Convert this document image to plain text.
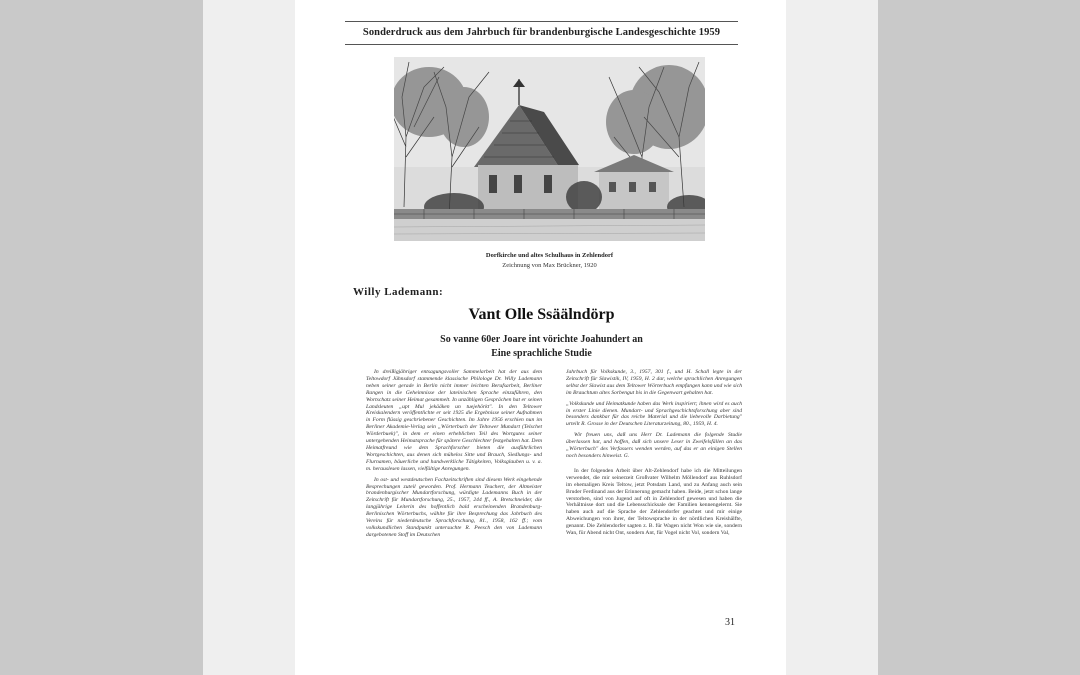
Sonderdruck aus dem Jahrbuch für brandenburgische Landesgeschichte 1959
Dorfkirche und altes Schulhaus in Zehlendorf
Zeichnung von Max Brückner, 1920
Willy Lademann:
Vant Olle Ssäälndörp
So vanne 60er Joare int vörichte Joahundert an
Eine sprachliche Studie

In dreißigjähriger entsagungsvoller Sammelarbeit hat der aus dem Teltowdorf Jühnsdorf stammende klassische Philologe Dr. Willy Lademann neben seiner gerade in Berlin nicht immer leichten Berufsarbeit, Berliner Rangen in die Geheimnisse der lateinischen Sprache einzuführen, den Wortschatz seiner Heimat gesammelt. In unzähligen Gesprächen hat er seinen Landsleuten „upt Mul jekääken un tuejehörkt". In den Teltower Kreiskalendern veröffentlichte er seit 1925 die Ergebnisse seiner Aufnahmen in Form flüssig geschriebener Geschichten. Im Jahre 1956 erschien nun im Berliner Akademie-Verlag sein „Wörterbuch der Teltower Mundart (Telschet Wörderbuek)", in dem er einen erheblichen Teil des Wortgutes seiner untergehenden Heimatsprache für spätere Geschlechter festgehalten hat. Dem Heimatfreund wie dem Sprachforscher bieten die ausführlichen Wortgeschichten, aus denen sich mühelos Sitte und Brauch, Siedlungs- und Flurnamen, bäuerliche und handwerkliche Tätigkeiten, Volksglauben u. v. a. m. herauslesen lassen, vielfältige Anregungen.

In ost- und westdeutschen Fachzeitschriften sind diesem Werk eingehende Besprechungen zuteil geworden. Prof. Hermann Teuchert, der Altmeister brandenburgischer Mundartforschung, würdigte Lademanns Buch in der Zeitschrift für Mundartforschung, 25., 1957, 244 ff., A. Bretschneider, die langjährige Leiterin des hoffentlich bald erscheinenden Brandenburg-Berlinischen Wörterbuchs, wählte für ihre Besprechung das Jahrbuch des Vereins für niederdeutsche Sprachforschung, 81., 1958, 162 ff.; vom volkskundlichen Standpunkt untersuchte R. Peesch den von Lademann dargebotenen Stoff im Deutschen

Jahrbuch für Volkskunde, 3., 1957, 301 f., und H. Schall legte in der Zeitschrift für Slawistik, IV, 1959, H. 2 dar, welche sprachlichen Anregungen selbst der Slawist aus dem Teltower Wörterbuch empfangen kann und wie sich im Brauchtum altes Sorbengut bis in die Gegenwart gehalten hat.

„Volkskunde und Heimatkunde haben das Werk inspiriert; ihnen wird es auch in erster Linie dienen. Mundart- und Sprachgeschichtsforschung aber sind besonders dankbar für das reiche Material und die liebevolle Darbietung" urteilt R. Grosse in der Deutschen Literaturzeitung, 80., 1959, H. 4.

Wir freuen uns, daß uns Herr Dr. Lademann die folgende Studie überlassen hat, und hoffen, daß sich unsere Leser in Zweifelsfällen an das „Wörterbuch" des Verfassers wenden werden, auf das er an einigen Stellen noch besonders hinweist. G.

In der folgenden Arbeit über Alt-Zehlendorf habe ich die Mitteilungen verwendet, die mir seinerzeit Großvater Wilhelm Möllendorf aus Ruhlsdorf im ehemaligen Kreis Teltow, jetzt Potsdam Land, und zu Anfang auch sein Bruder Ferdinand aus der Erinnerung gemacht haben. Beide, jetzt schon lange verstorben, sind von Jugend auf oft in Zehlendorf gewesen und haben die Verhältnisse dort und die Lebensschicksale der Familien kennengelernt. Sie haben auch auf die Sprache der Zehlendorfer geachtet und mir einige Abweichungen von ihrer, der Teltowsprache in der nördlichen Kreishälfte, genannt. Die Zehlendorfer sagten z. B. für Wagen nicht Won wie sie, sondern Wan, für Abend nicht Ont, sondern Ant, für Vogel nicht Vol, sondern Val,

31
